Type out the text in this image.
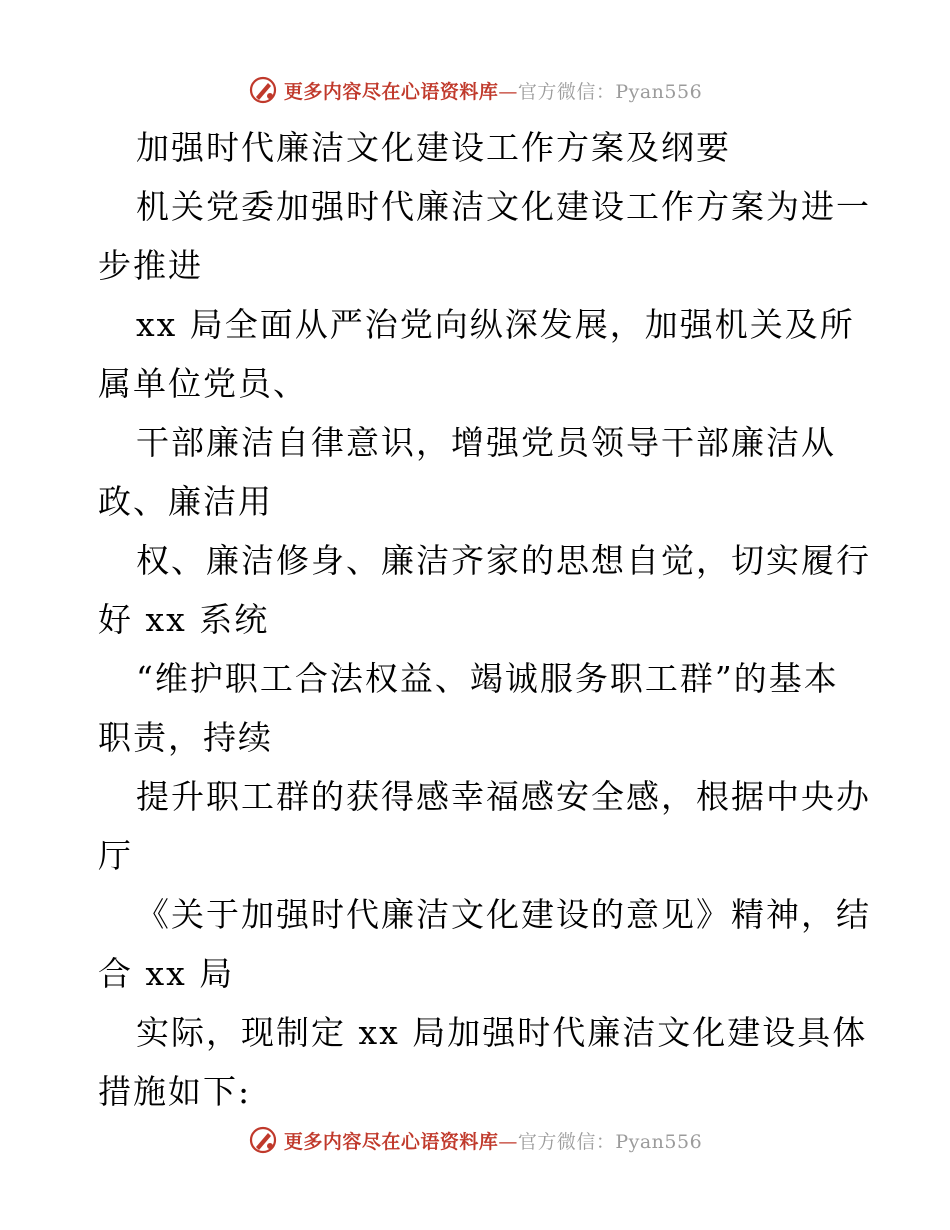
更多内容尽在心语资料库—官方微信：Pyan556
加强时代廉洁文化建设工作方案及纲要
机关党委加强时代廉洁文化建设工作方案为进一
步推进
xx 局全面从严治党向纵深发展，加强机关及所
属单位党员、
干部廉洁自律意识，增强党员领导干部廉洁从
政、廉洁用
权、廉洁修身、廉洁齐家的思想自觉，切实履行
好 xx 系统
“维护职工合法权益、竭诚服务职工群”的基本
职责，持续
提升职工群的获得感幸福感安全感，根据中央办
厅
《关于加强时代廉洁文化建设的意见》精神，结
合 xx 局
实际，现制定 xx 局加强时代廉洁文化建设具体
措施如下:
更多内容尽在心语资料库—官方微信：Pyan556
